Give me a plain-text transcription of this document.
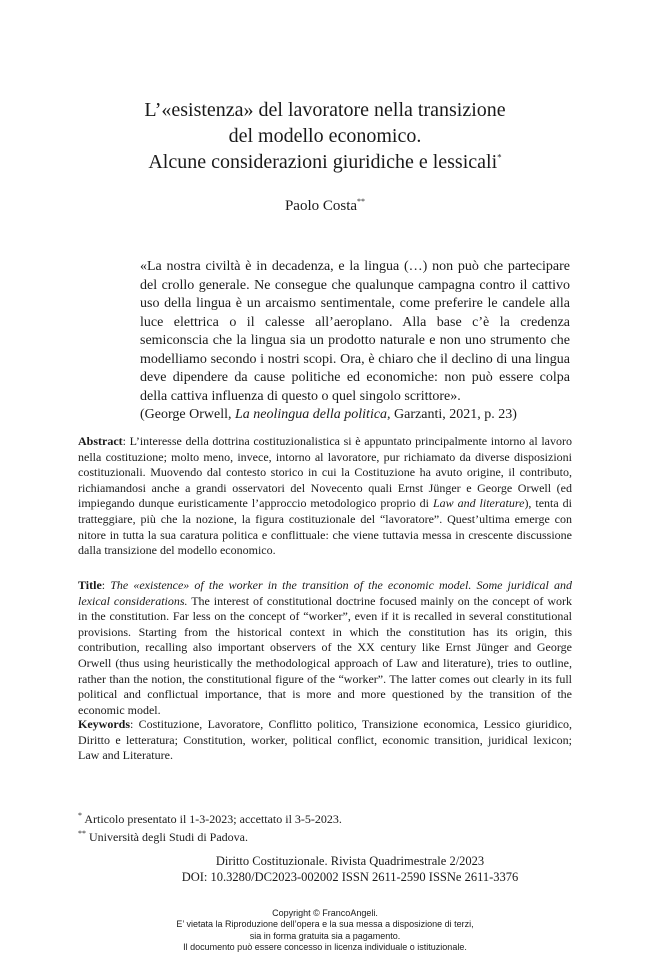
L’«esistenza» del lavoratore nella transizione
del modello economico.
Alcune considerazioni giuridiche e lessicali*
Paolo Costa**

«La nostra civiltà è in decadenza, e la lingua (…) non può che partecipare del crollo generale. Ne consegue che qualunque campagna contro il cattivo uso della lingua è un arcaismo sentimentale, come preferire le candele alla luce elettrica o il calesse all’aeroplano. Alla base c’è la credenza semiconscia che la lingua sia un prodotto naturale e non uno strumento che modelliamo secondo i nostri scopi. Ora, è chiaro che il declino di una lingua deve dipendere da cause politiche ed economiche: non può essere colpa della cattiva influenza di questo o quel singolo scrittore».

(George Orwell, La neolingua della politica, Garzanti, 2021, p. 23)

Abstract: L’interesse della dottrina costituzionalistica si è appuntato principalmente intorno al lavoro nella costituzione; molto meno, invece, intorno al lavoratore, pur richiamato da diverse disposizioni costituzionali. Muovendo dal contesto storico in cui la Costituzione ha avuto origine, il contributo, richiamandosi anche a grandi osservatori del Novecento quali Ernst Jünger e George Orwell (ed impiegando dunque euristicamente l’approccio metodologico proprio di Law and literature), tenta di tratteggiare, più che la nozione, la figura costituzionale del “lavoratore”. Quest’ultima emerge con nitore in tutta la sua caratura politica e conflittuale: che viene tuttavia messa in crescente discussione dalla transizione del modello economico.

Title: The «existence» of the worker in the transition of the economic model. Some juridical and lexical considerations. The interest of constitutional doctrine focused mainly on the concept of work in the constitution. Far less on the concept of “worker”, even if it is recalled in several constitutional provisions. Starting from the historical context in which the constitution has its origin, this contribution, recalling also important observers of the XX century like Ernst Jünger and George Orwell (thus using heuristically the methodological approach of Law and literature), tries to outline, rather than the notion, the constitutional figure of the “worker”. The latter comes out clearly in its full political and conflictual importance, that is more and more questioned by the transition of the economic model.

Keywords: Costituzione, Lavoratore, Conflitto politico, Transizione economica, Lessico giuridico, Diritto e letteratura; Constitution, worker, political conflict, economic transition, juridical lexicon; Law and Literature.

* Articolo presentato il 1-3-2023; accettato il 3-5-2023.
** Università degli Studi di Padova.
Diritto Costituzionale. Rivista Quadrimestrale 2/2023
DOI: 10.3280/DC2023-002002 ISSN 2611-2590 ISSNe 2611-3376
Copyright © FrancoAngeli.
E’ vietata la Riproduzione dell’opera e la sua messa a disposizione di terzi,
sia in forma gratuita sia a pagamento.
Il documento può essere concesso in licenza individuale o istituzionale.
